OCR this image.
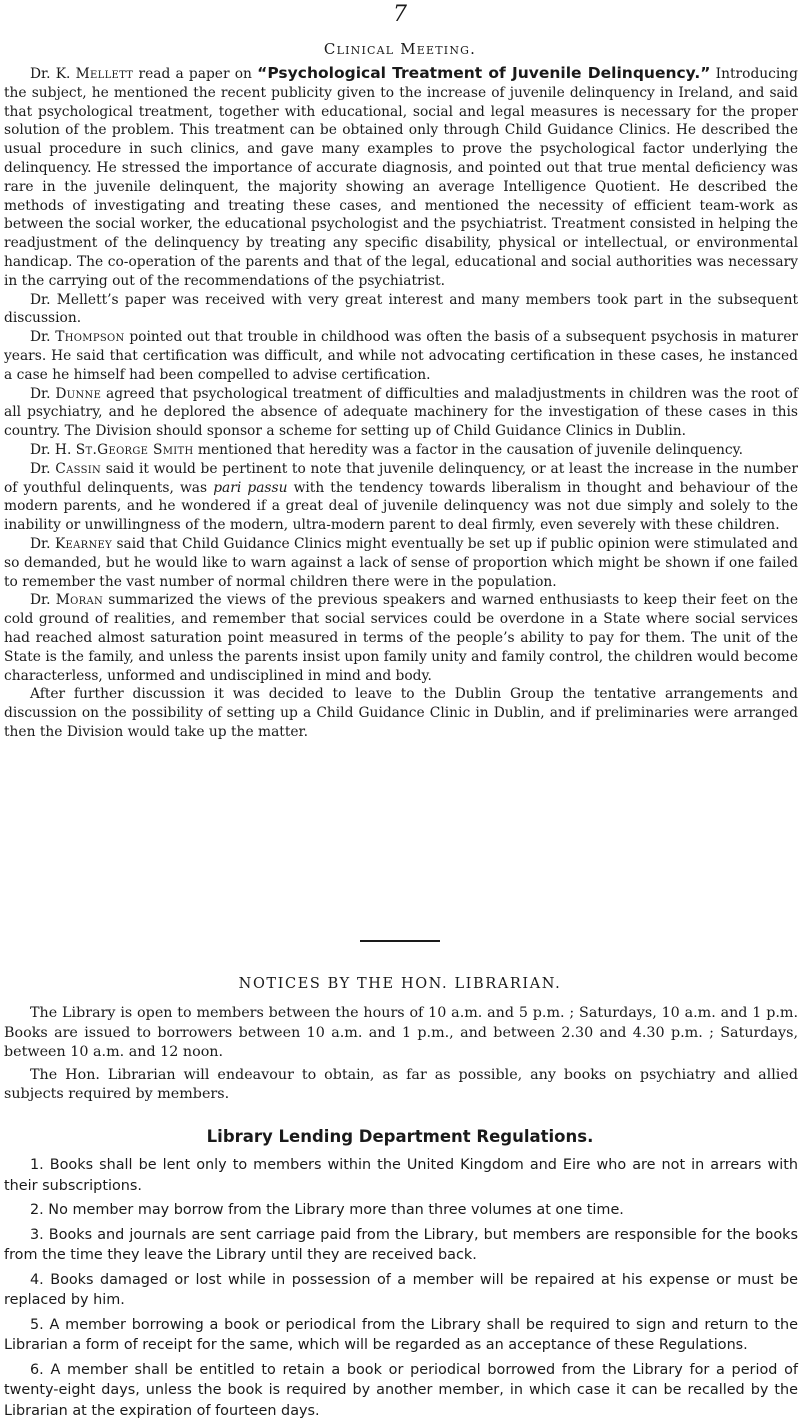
7
Clinical Meeting.

Dr. K. Mellett read a paper on “Psychological Treatment of Juvenile Delinquency.” Introducing the subject, he mentioned the recent publicity given to the increase of juvenile delinquency in Ireland, and said that psychological treatment, together with educational, social and legal measures is necessary for the proper solution of the problem. This treatment can be obtained only through Child Guidance Clinics. He described the usual procedure in such clinics, and gave many examples to prove the psychological factor underlying the delinquency. He stressed the importance of accurate diagnosis, and pointed out that true mental deficiency was rare in the juvenile delinquent, the majority showing an average Intelligence Quotient. He described the methods of investigating and treating these cases, and mentioned the necessity of efficient team-work as between the social worker, the educational psychologist and the psychiatrist. Treatment consisted in helping the readjustment of the delinquency by treating any specific disability, physical or intellectual, or environmental handicap. The co-operation of the parents and that of the legal, educational and social authorities was necessary in the carrying out of the recommendations of the psychiatrist.

Dr. Mellett’s paper was received with very great interest and many members took part in the subsequent discussion.

Dr. Thompson pointed out that trouble in childhood was often the basis of a subsequent psychosis in maturer years. He said that certification was difficult, and while not advocating certification in these cases, he instanced a case he himself had been compelled to advise certification.

Dr. Dunne agreed that psychological treatment of difficulties and maladjustments in children was the root of all psychiatry, and he deplored the absence of adequate machinery for the investigation of these cases in this country. The Division should sponsor a scheme for setting up of Child Guidance Clinics in Dublin.

Dr. H. St.George Smith mentioned that heredity was a factor in the causation of juvenile delinquency.

Dr. Cassin said it would be pertinent to note that juvenile delinquency, or at least the increase in the number of youthful delinquents, was pari passu with the tendency towards liberalism in thought and behaviour of the modern parents, and he wondered if a great deal of juvenile delinquency was not due simply and solely to the inability or unwillingness of the modern, ultra-modern parent to deal firmly, even severely with these children.

Dr. Kearney said that Child Guidance Clinics might eventually be set up if public opinion were stimulated and so demanded, but he would like to warn against a lack of sense of proportion which might be shown if one failed to remember the vast number of normal children there were in the population.

Dr. Moran summarized the views of the previous speakers and warned enthusiasts to keep their feet on the cold ground of realities, and remember that social services could be overdone in a State where social services had reached almost saturation point measured in terms of the people’s ability to pay for them. The unit of the State is the family, and unless the parents insist upon family unity and family control, the children would become characterless, unformed and undisciplined in mind and body.

After further discussion it was decided to leave to the Dublin Group the tentative arrangements and discussion on the possibility of setting up a Child Guidance Clinic in Dublin, and if preliminaries were arranged then the Division would take up the matter.

NOTICES BY THE HON. LIBRARIAN.

The Library is open to members between the hours of 10 a.m. and 5 p.m. ; Saturdays, 10 a.m. and 1 p.m. Books are issued to borrowers between 10 a.m. and 1 p.m., and between 2.30 and 4.30 p.m. ; Saturdays, between 10 a.m. and 12 noon.

The Hon. Librarian will endeavour to obtain, as far as possible, any books on psychiatry and allied subjects required by members.

Library Lending Department Regulations.

1. Books shall be lent only to members within the United Kingdom and Eire who are not in arrears with their subscriptions.

2. No member may borrow from the Library more than three volumes at one time.

3. Books and journals are sent carriage paid from the Library, but members are responsible for the books from the time they leave the Library until they are received back.

4. Books damaged or lost while in possession of a member will be repaired at his expense or must be replaced by him.

5. A member borrowing a book or periodical from the Library shall be required to sign and return to the Librarian a form of receipt for the same, which will be regarded as an acceptance of these Regulations.

6. A member shall be entitled to retain a book or periodical borrowed from the Library for a period of twenty-eight days, unless the book is required by another member, in which case it can be recalled by the Librarian at the expiration of fourteen days.
